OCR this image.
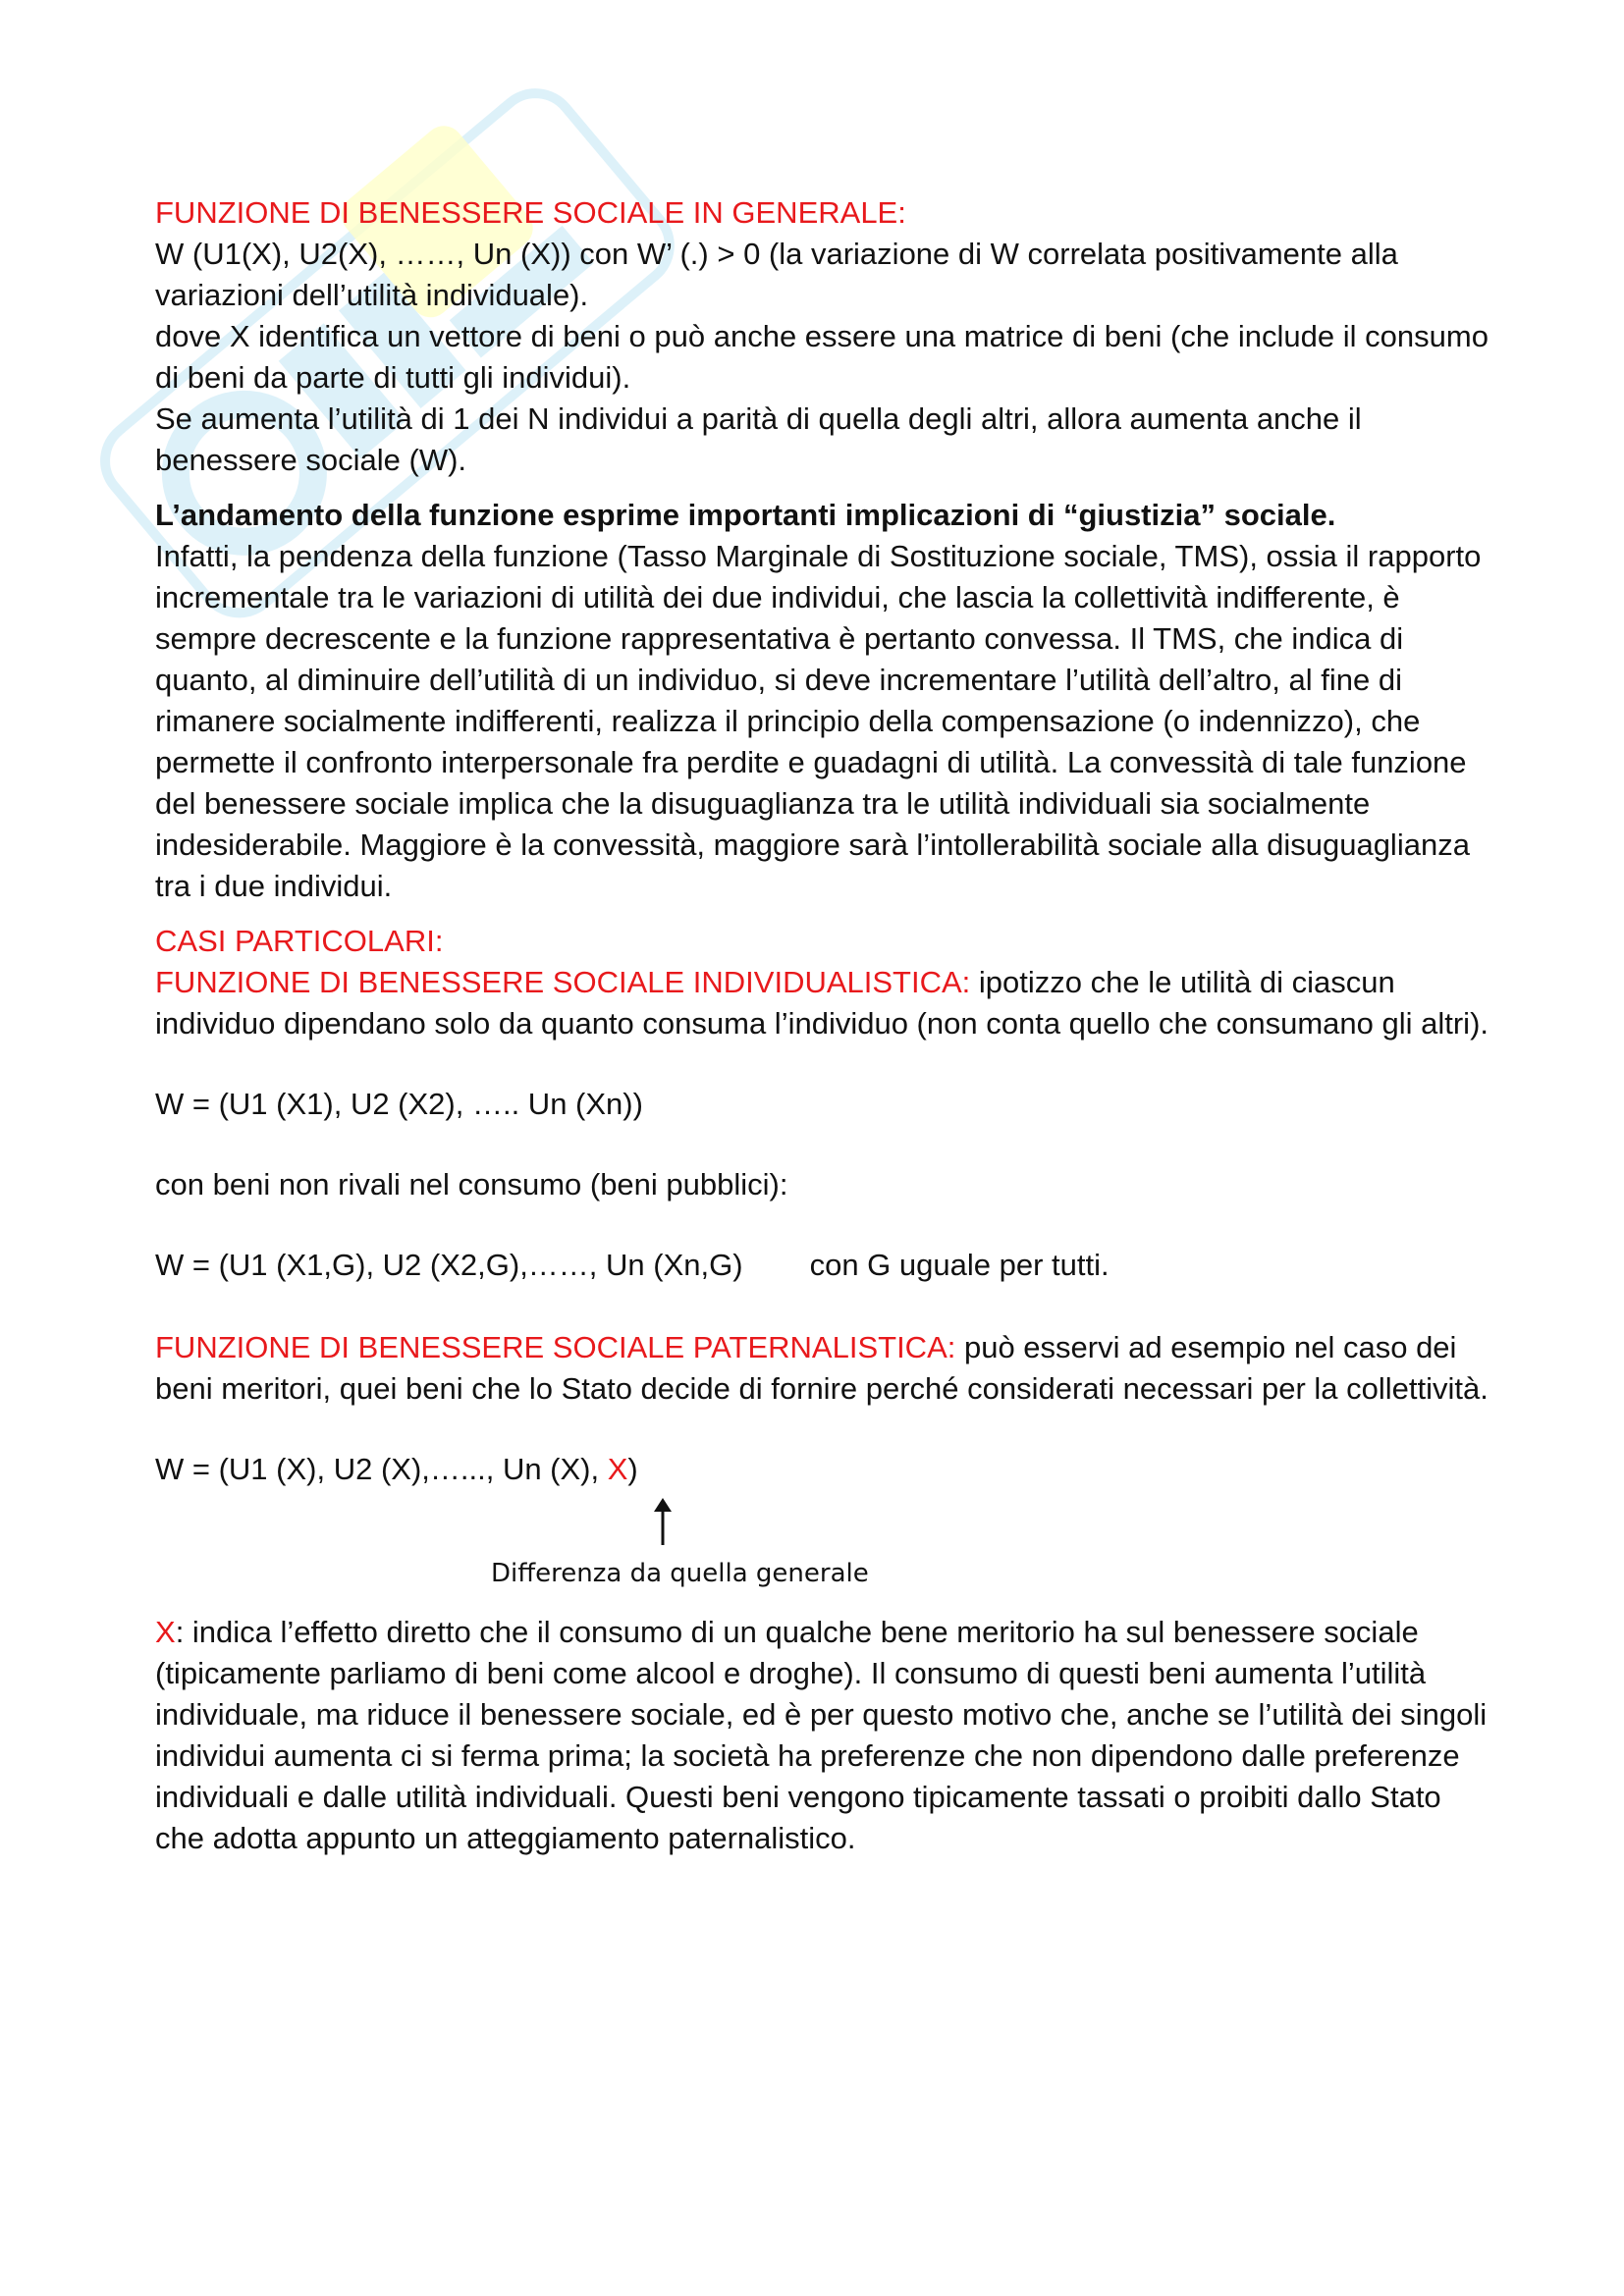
FUNZIONE DI BENESSERE SOCIALE IN GENERALE:

W (U1(X), U2(X), ……, Un (X)) con W’ (.) > 0 (la variazione di W correlata positivamente alla variazioni dell’utilità individuale).

dove X identifica un vettore di beni o può anche essere una matrice di beni (che include il consumo di beni da parte di tutti gli individui).

Se aumenta l’utilità di 1 dei N individui a parità di quella degli altri, allora aumenta anche il benessere sociale (W).

L’andamento della funzione esprime importanti implicazioni di “giustizia” sociale.

Infatti, la pendenza della funzione (Tasso Marginale di Sostituzione sociale, TMS), ossia il rapporto incrementale tra le variazioni di utilità dei due individui, che lascia la collettività indifferente, è sempre decrescente e la funzione rappresentativa è pertanto convessa. Il TMS, che indica di quanto, al diminuire dell’utilità di un individuo, si deve incrementare l’utilità dell’altro, al fine di rimanere socialmente indifferenti, realizza il principio della compensazione (o indennizzo), che permette il confronto interpersonale fra perdite e guadagni di utilità. La convessità di tale funzione del benessere sociale implica che la disuguaglianza tra le utilità individuali sia socialmente indesiderabile. Maggiore è la convessità, maggiore sarà l’intollerabilità sociale alla disuguaglianza tra i due individui.

CASI PARTICOLARI:

FUNZIONE DI BENESSERE SOCIALE INDIVIDUALISTICA: ipotizzo che le utilità di ciascun individuo dipendano solo da quanto consuma l’individuo (non conta quello che consumano gli altri).

W = (U1 (X1), U2 (X2), ….. Un (Xn))

con beni non rivali nel consumo (beni pubblici):

W = (U1 (X1,G), U2 (X2,G),……, Un (Xn,G) con G uguale per tutti.

FUNZIONE DI BENESSERE SOCIALE PATERNALISTICA: può esservi ad esempio nel caso dei beni meritori, quei beni che lo Stato decide di fornire perché considerati necessari per la collettività.

W = (U1 (X), U2 (X),…..., Un (X), X)

Differenza da quella generale

X: indica l’effetto diretto che il consumo di un qualche bene meritorio ha sul benessere sociale (tipicamente parliamo di beni come alcool e droghe). Il consumo di questi beni aumenta l’utilità individuale, ma riduce il benessere sociale, ed è per questo motivo che, anche se l’utilità dei singoli individui aumenta ci si ferma prima; la società ha preferenze che non dipendono dalle preferenze individuali e dalle utilità individuali. Questi beni vengono tipicamente tassati o proibiti dallo Stato che adotta appunto un atteggiamento paternalistico.
